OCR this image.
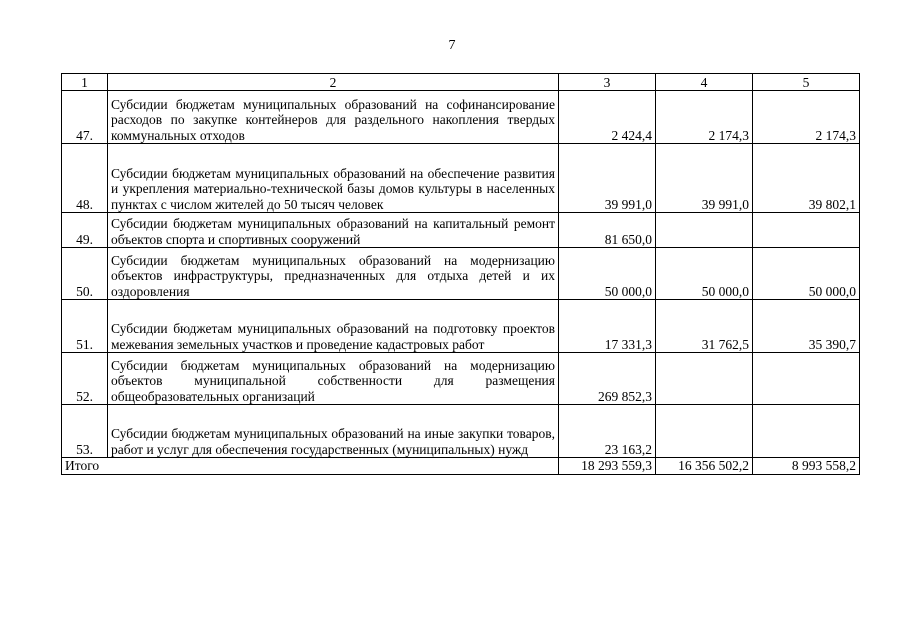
7
1	2	3	4	5
47.	Субсидии бюджетам муниципальных образований на софинансирование расходов по закупке контейнеров для раздельного накопления твердых коммунальных отходов	2 424,4	2 174,3	2 174,3
48.	Субсидии бюджетам муниципальных образований на обеспечение развития и укрепления материально-технической базы домов культуры в населенных пунктах с числом жителей до 50 тысяч человек	39 991,0	39 991,0	39 802,1
49.	Субсидии бюджетам муниципальных образований на капитальный ремонт объектов спорта и спортивных сооружений	81 650,0		
50.	Субсидии бюджетам муниципальных образований на модернизацию объектов инфраструктуры, предназначенных для отдыха детей и их оздоровления	50 000,0	50 000,0	50 000,0
51.	Субсидии бюджетам муниципальных образований на подготовку проектов межевания земельных участков и проведение кадастровых работ	17 331,3	31 762,5	35 390,7
52.	Субсидии бюджетам муниципальных образований на модернизацию объектов муниципальной собственности для размещения общеобразовательных организаций	269 852,3		
53.	Субсидии бюджетам муниципальных образований на иные закупки товаров, работ и услуг для обеспечения государственных (муниципальных) нужд	23 163,2		
Итого		18 293 559,3	16 356 502,2	8 993 558,2
